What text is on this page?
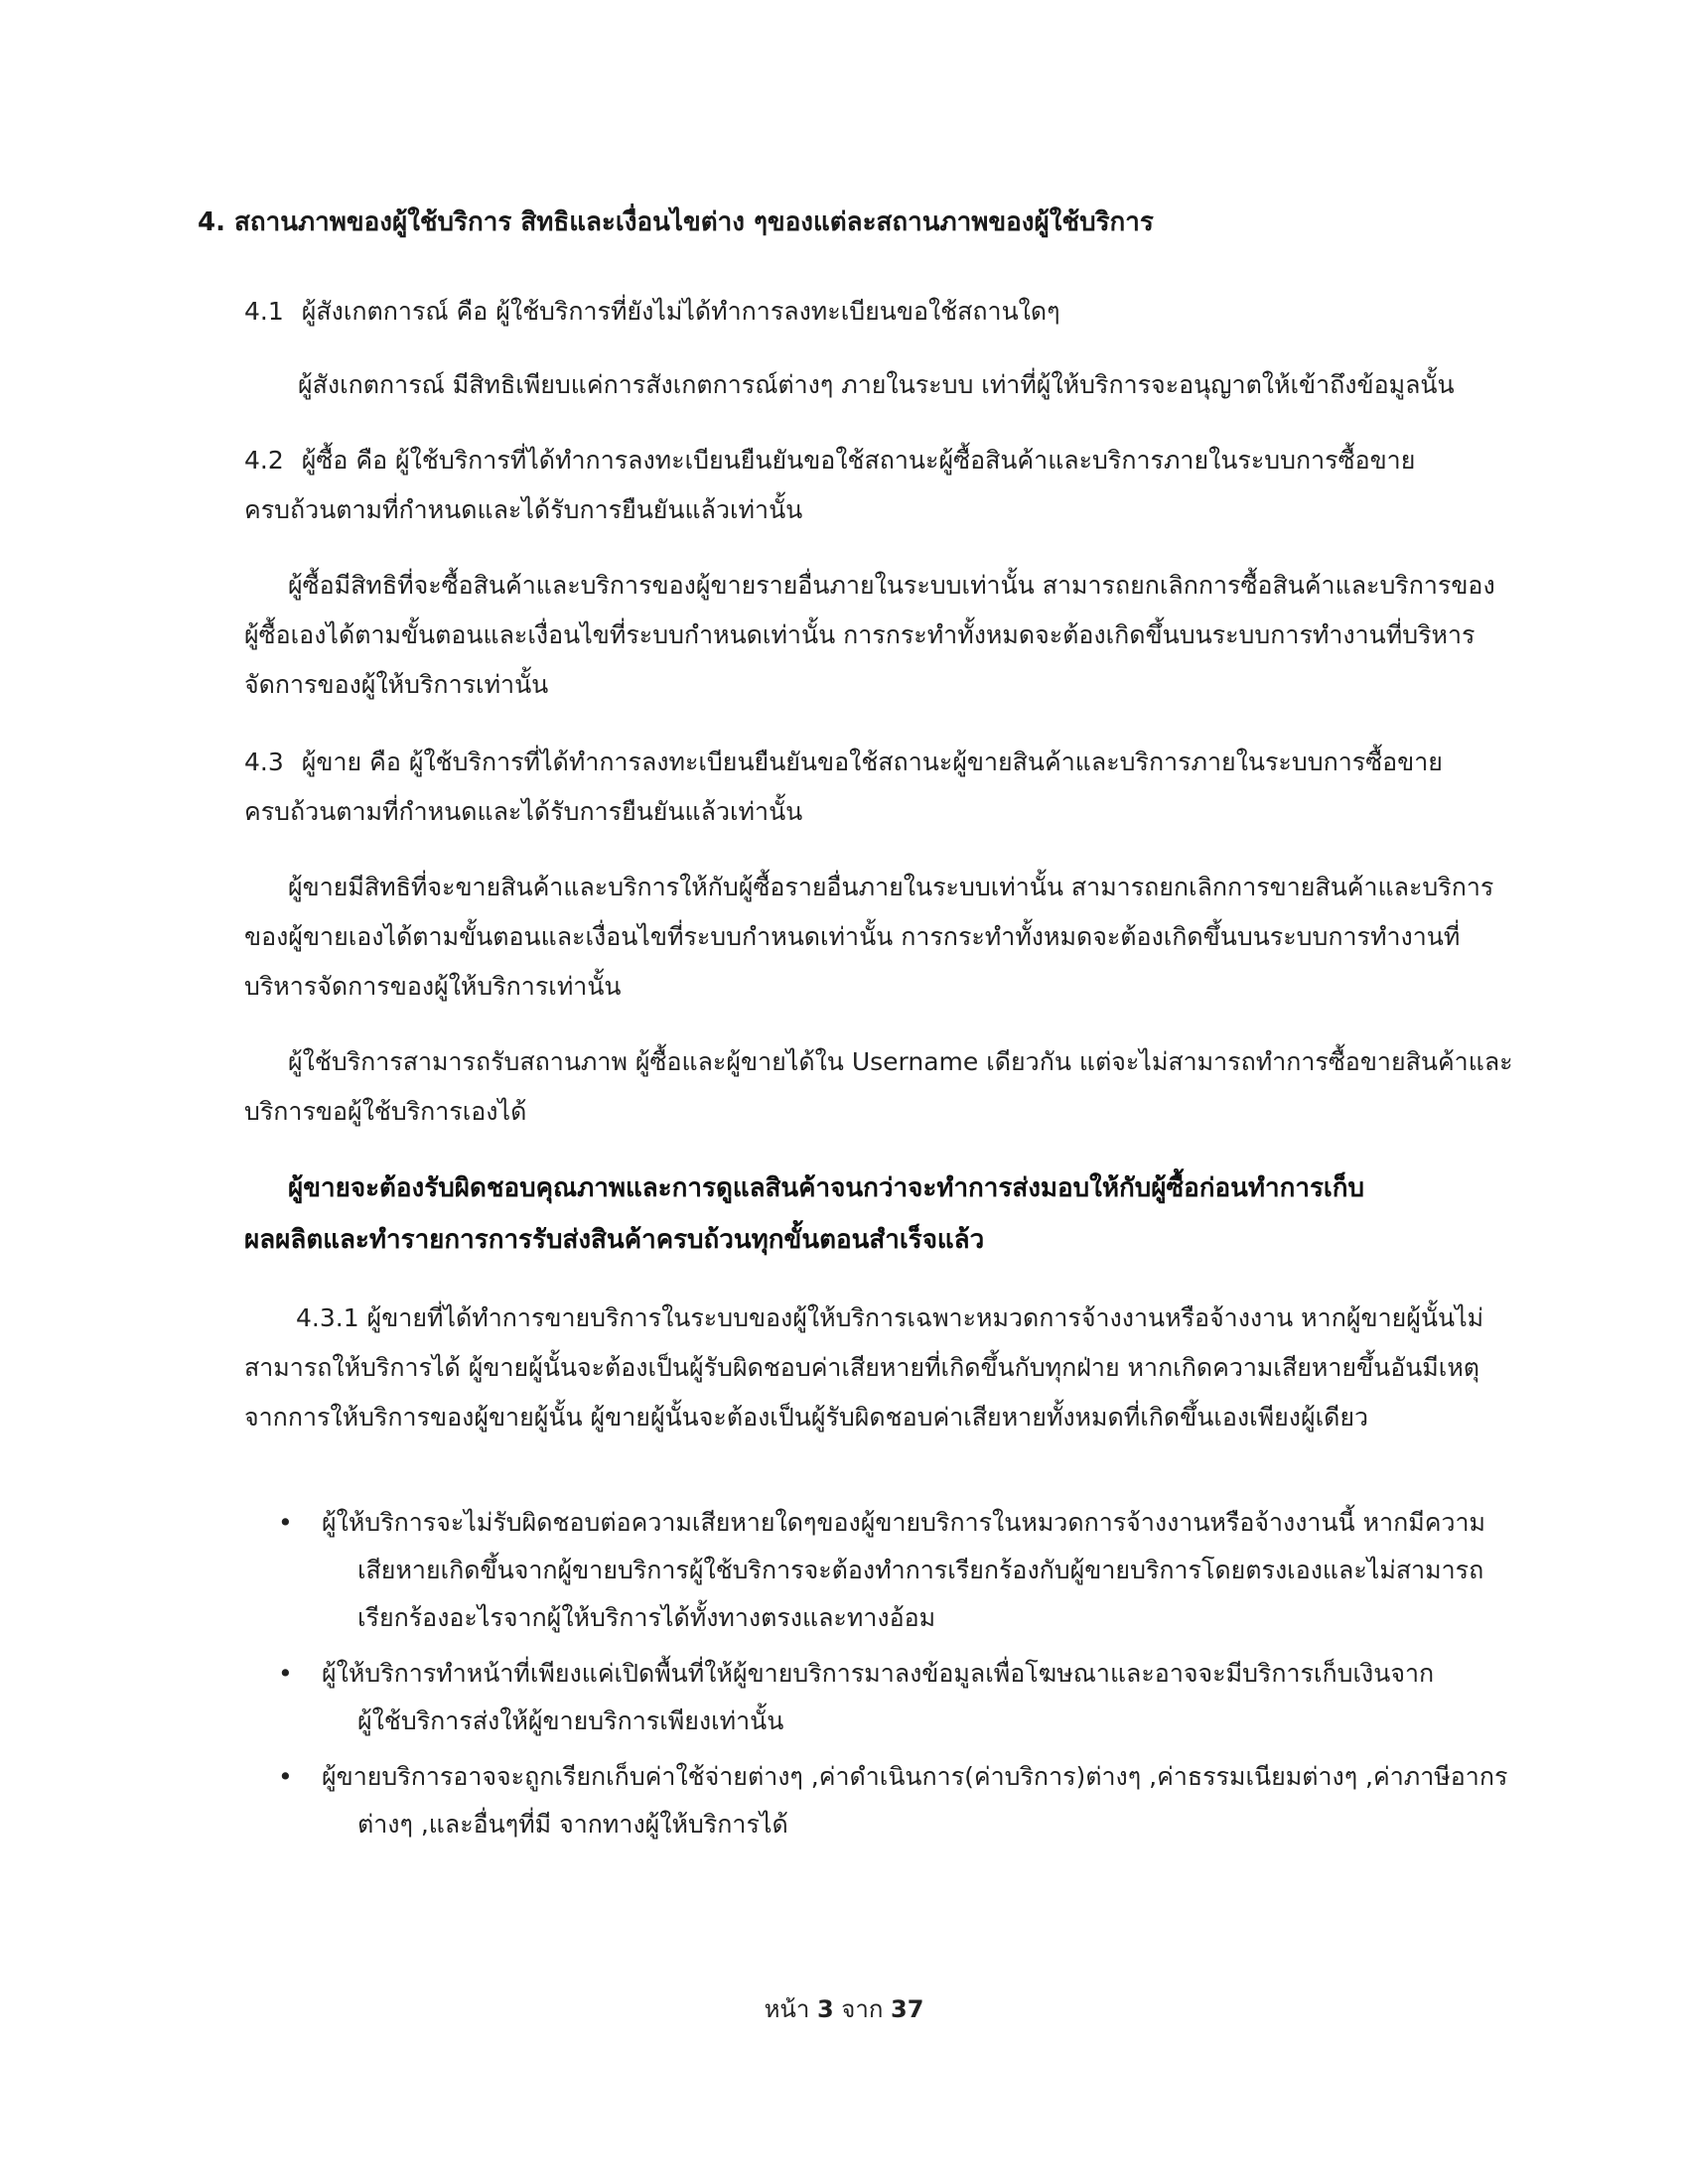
4. สถานภาพของผู้ใช้บริการ สิทธิและเงื่อนไขต่าง ๆของแต่ละสถานภาพของผู้ใช้บริการ
4.1 ผู้สังเกตการณ์ คือ ผู้ใช้บริการที่ยังไม่ได้ทำการลงทะเบียนขอใช้สถานใดๆ
ผู้สังเกตการณ์ มีสิทธิเพียบแค่การสังเกตการณ์ต่างๆ ภายในระบบ เท่าที่ผู้ให้บริการจะอนุญาตให้เข้าถึงข้อมูลนั้น
4.2 ผู้ซื้อ คือ ผู้ใช้บริการที่ได้ทำการลงทะเบียนยืนยันขอใช้สถานะผู้ซื้อสินค้าและบริการภายในระบบการซื้อขาย
ครบถ้วนตามที่กำหนดและได้รับการยืนยันแล้วเท่านั้น
ผู้ซื้อมีสิทธิที่จะซื้อสินค้าและบริการของผู้ขายรายอื่นภายในระบบเท่านั้น สามารถยกเลิกการซื้อสินค้าและบริการของ
ผู้ซื้อเองได้ตามขั้นตอนและเงื่อนไขที่ระบบกำหนดเท่านั้น การกระทำทั้งหมดจะต้องเกิดขึ้นบนระบบการทำงานที่บริหาร
จัดการของผู้ให้บริการเท่านั้น
4.3 ผู้ขาย คือ ผู้ใช้บริการที่ได้ทำการลงทะเบียนยืนยันขอใช้สถานะผู้ขายสินค้าและบริการภายในระบบการซื้อขาย
ครบถ้วนตามที่กำหนดและได้รับการยืนยันแล้วเท่านั้น
ผู้ขายมีสิทธิที่จะขายสินค้าและบริการให้กับผู้ซื้อรายอื่นภายในระบบเท่านั้น สามารถยกเลิกการขายสินค้าและบริการ
ของผู้ขายเองได้ตามขั้นตอนและเงื่อนไขที่ระบบกำหนดเท่านั้น การกระทำทั้งหมดจะต้องเกิดขึ้นบนระบบการทำงานที่
บริหารจัดการของผู้ให้บริการเท่านั้น
ผู้ใช้บริการสามารถรับสถานภาพ ผู้ซื้อและผู้ขายได้ใน Username เดียวกัน แต่จะไม่สามารถทำการซื้อขายสินค้าและ
บริการขอผู้ใช้บริการเองได้
ผู้ขายจะต้องรับผิดชอบคุณภาพและการดูแลสินค้าจนกว่าจะทำการส่งมอบให้กับผู้ซื้อก่อนทำการเก็บ
ผลผลิตและทำรายการการรับส่งสินค้าครบถ้วนทุกขั้นตอนสำเร็จแล้ว
4.3.1 ผู้ขายที่ได้ทำการขายบริการในระบบของผู้ให้บริการเฉพาะหมวดการจ้างงานหรือจ้างงาน หากผู้ขายผู้นั้นไม่
สามารถให้บริการได้ ผู้ขายผู้นั้นจะต้องเป็นผู้รับผิดชอบค่าเสียหายที่เกิดขึ้นกับทุกฝ่าย หากเกิดความเสียหายขึ้นอันมีเหตุ
จากการให้บริการของผู้ขายผู้นั้น ผู้ขายผู้นั้นจะต้องเป็นผู้รับผิดชอบค่าเสียหายทั้งหมดที่เกิดขึ้นเองเพียงผู้เดียว
•	ผู้ให้บริการจะไม่รับผิดชอบต่อความเสียหายใดๆของผู้ขายบริการในหมวดการจ้างงานหรือจ้างงานนี้ หากมีความ
เสียหายเกิดขึ้นจากผู้ขายบริการผู้ใช้บริการจะต้องทำการเรียกร้องกับผู้ขายบริการโดยตรงเองและไม่สามารถ
เรียกร้องอะไรจากผู้ให้บริการได้ทั้งทางตรงและทางอ้อม
•	ผู้ให้บริการทำหน้าที่เพียงแค่เปิดพื้นที่ให้ผู้ขายบริการมาลงข้อมูลเพื่อโฆษณาและอาจจะมีบริการเก็บเงินจาก
ผู้ใช้บริการส่งให้ผู้ขายบริการเพียงเท่านั้น
•	ผู้ขายบริการอาจจะถูกเรียกเก็บค่าใช้จ่ายต่างๆ ,ค่าดำเนินการ(ค่าบริการ)ต่างๆ ,ค่าธรรมเนียมต่างๆ ,ค่าภาษีอากร
ต่างๆ ,และอื่นๆที่มี จากทางผู้ให้บริการได้
หน้า 3 จาก 37
